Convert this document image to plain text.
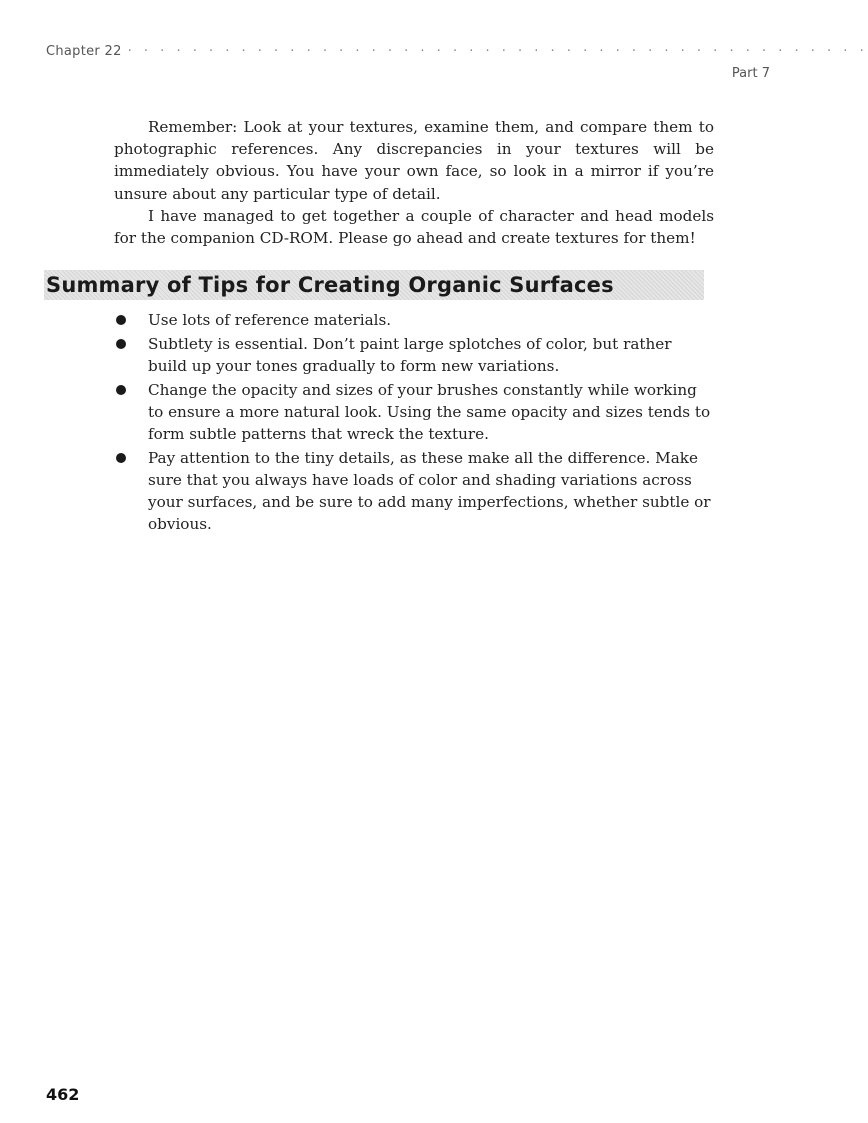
Chapter 22 · · · · · · · · · · · · · · · · · · · · · · · · · · · · · · · · · · · · · · · · · · · · · ·
Part 7

Remember: Look at your textures, examine them, and compare them to photographic references. Any discrepancies in your textures will be immediately obvious. You have your own face, so look in a mirror if you’re unsure about any particular type of detail.

I have managed to get together a couple of character and head models for the companion CD-ROM. Please go ahead and create textures for them!

Summary of Tips for Creating Organic Surfaces
Use lots of reference materials.
Subtlety is essential. Don’t paint large splotches of color, but rather build up your tones gradually to form new variations.
Change the opacity and sizes of your brushes constantly while working to ensure a more natural look. Using the same opacity and sizes tends to form subtle patterns that wreck the texture.
Pay attention to the tiny details, as these make all the difference. Make sure that you always have loads of color and shading variations across your surfaces, and be sure to add many imperfections, whether subtle or obvious.
462
